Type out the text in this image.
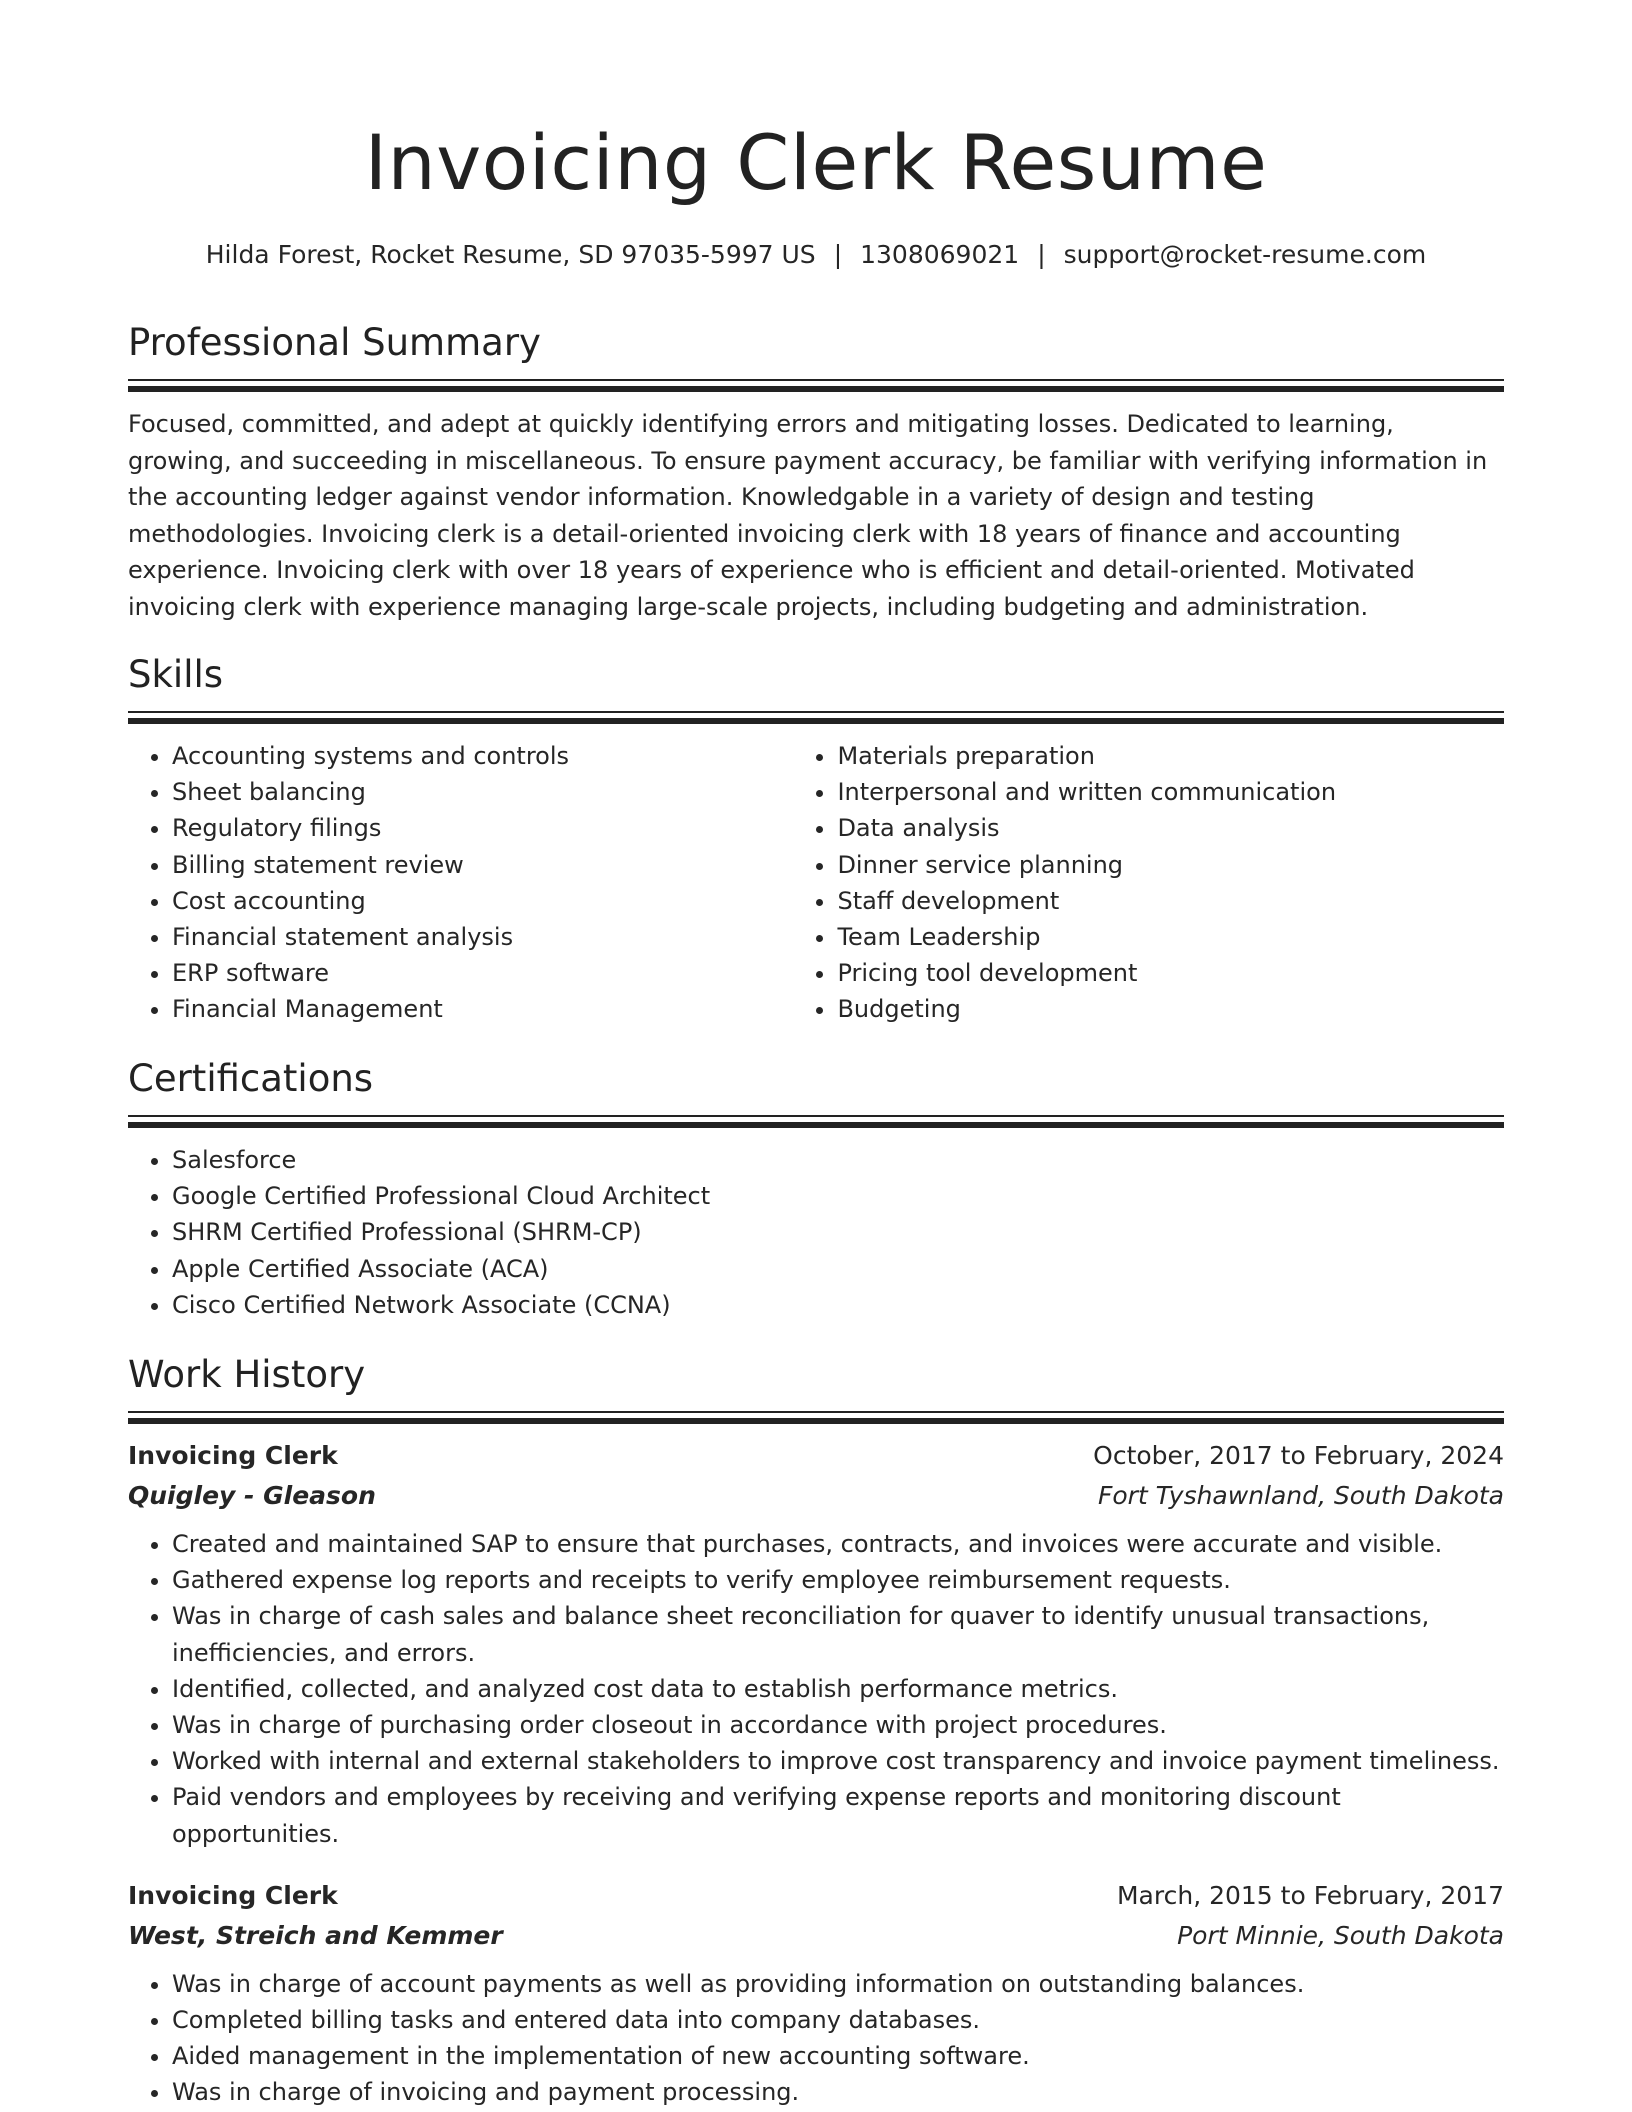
Invoicing Clerk Resume
Hilda Forest, Rocket Resume, SD 97035-5997 US | 1308069021 | support@rocket-resume.com
Professional Summary
Focused, committed, and adept at quickly identifying errors and mitigating losses. Dedicated to learning, growing, and succeeding in miscellaneous. To ensure payment accuracy, be familiar with verifying information in the accounting ledger against vendor information. Knowledgable in a variety of design and testing methodologies. Invoicing clerk is a detail-oriented invoicing clerk with 18 years of finance and accounting experience. Invoicing clerk with over 18 years of experience who is efficient and detail-oriented. Motivated invoicing clerk with experience managing large-scale projects, including budgeting and administration.
Skills
• Accounting systems and controls
• Sheet balancing
• Regulatory filings
• Billing statement review
• Cost accounting
• Financial statement analysis
• ERP software
• Financial Management
• Materials preparation
• Interpersonal and written communication
• Data analysis
• Dinner service planning
• Staff development
• Team Leadership
• Pricing tool development
• Budgeting
Certifications
• Salesforce
• Google Certified Professional Cloud Architect
• SHRM Certified Professional (SHRM-CP)
• Apple Certified Associate (ACA)
• Cisco Certified Network Associate (CCNA)
Work History
Invoicing Clerk	October, 2017 to February, 2024
Quigley - Gleason	Fort Tyshawnland, South Dakota
• Created and maintained SAP to ensure that purchases, contracts, and invoices were accurate and visible.
• Gathered expense log reports and receipts to verify employee reimbursement requests.
• Was in charge of cash sales and balance sheet reconciliation for quaver to identify unusual transactions, inefficiencies, and errors.
• Identified, collected, and analyzed cost data to establish performance metrics.
• Was in charge of purchasing order closeout in accordance with project procedures.
• Worked with internal and external stakeholders to improve cost transparency and invoice payment timeliness.
• Paid vendors and employees by receiving and verifying expense reports and monitoring discount opportunities.
Invoicing Clerk	March, 2015 to February, 2017
West, Streich and Kemmer	Port Minnie, South Dakota
• Was in charge of account payments as well as providing information on outstanding balances.
• Completed billing tasks and entered data into company databases.
• Aided management in the implementation of new accounting software.
• Was in charge of invoicing and payment processing.
